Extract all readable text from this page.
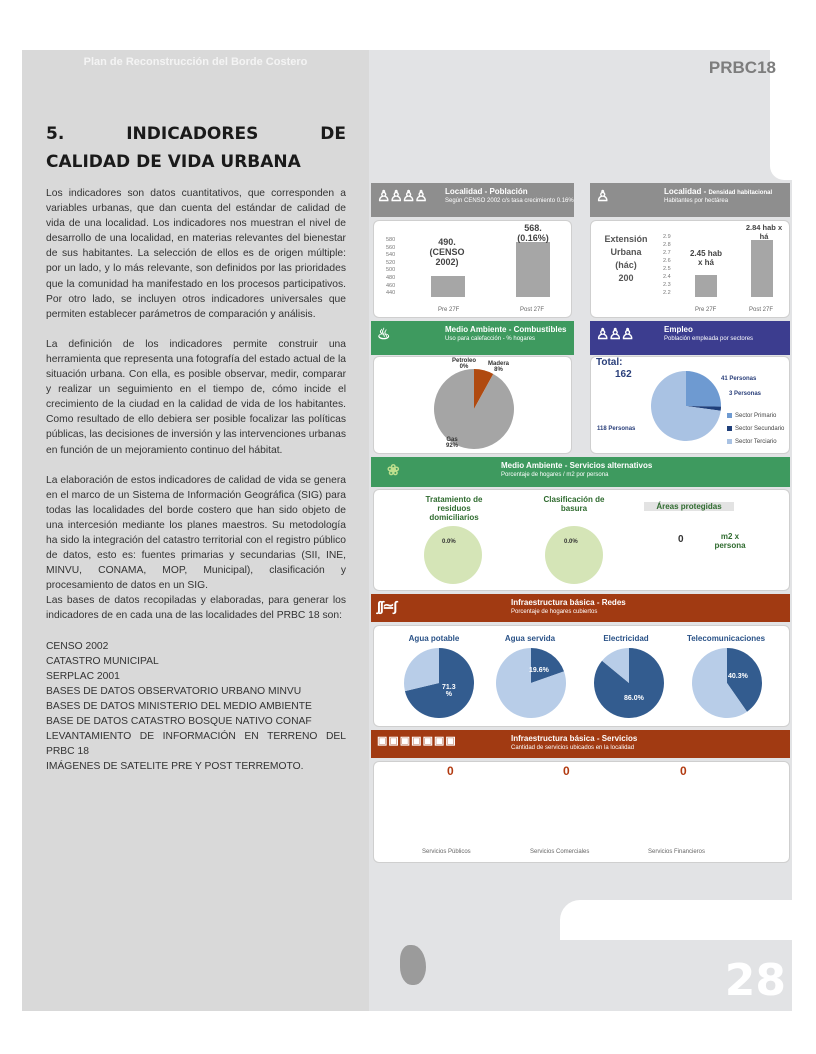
Plan de Reconstrucción del Borde Costero	PRBC18
28
5.	INDICADORES	DE
CALIDAD DE VIDA URBANA

Los indicadores son datos cuantitativos, que corresponden a variables urbanas, que dan cuenta del estándar de calidad de vida de una localidad. Los indicadores nos muestran el nivel de desarrollo de una localidad, en materias relevantes del bienestar de sus habitantes. La selección de ellos es de origen múltiple: por un lado, y lo más relevante, son definidos por las prioridades que la comunidad ha manifestado en los procesos participativos. Por otro lado, se incluyen otros indicadores universales que permiten establecer parámetros de comparación y análisis.

La definición de los indicadores permite construir una herramienta que representa una fotografía del estado actual de la situación urbana. Con ella, es posible observar, medir, comparar y realizar un seguimiento en el tiempo de, cómo incide el crecimiento de la ciudad en la calidad de vida de los habitantes. Como resultado de ello debiera ser posible focalizar las políticas públicas, las decisiones de inversión y las intervenciones urbanas en función de un mejoramiento continuo del hábitat.

La elaboración de estos indicadores de calidad de vida se genera en el marco de un Sistema de Información Geográfica (SIG) para todas las localidades del borde costero que han sido objeto de una intercesión mediante los planes maestros. Su metodología ha sido la integración del catastro territorial con el registro público de datos, esto es: fuentes primarias y secundarias (SII, INE, MINVU, CONAMA, MOP, Municipal), clasificación y procesamiento de datos en un SIG.

Las bases de datos recopiladas y elaboradas, para generar los indicadores de en cada una de las localidades del PRBC 18 son:

CENSO 2002
CATASTRO MUNICIPAL
SERPLAC 2001
BASES DE DATOS OBSERVATORIO URBANO MINVU
BASES DE DATOS MINISTERIO DEL MEDIO AMBIENTE
BASE DE DATOS CATASTRO BOSQUE NATIVO CONAF
LEVANTAMIENTO DE INFORMACIÓN EN TERRENO DEL PRBC 18
IMÁGENES DE SATELITE PRE Y POST TERREMOTO.
♙♙♙♙ Localidad - Población
Según CENSO 2002 c/s tasa crecimiento 0.16%
580
560
540
520
500
480
460
440
490.
(CENSO
2002)
568.
(0.16%)
Pre 27F	Post 27F
♙	Localidad - Densidad habitacional
Habitantes por hectárea
Extensión
Urbana
(hác)
200
2.9
2.8
2.7
2.6
2.5
2.4
2.3
2.2
2.45 hab
x há
2.84 hab x
há
Pre 27F	Post 27F
♨	Medio Ambiente - Combustibles
Uso para calefacción - % hogares
Petroleo
0%	Madera
8%
Gas
92%
♙♙♙	Empleo
Población empleada por sectores
Total:
162	41 Personas
3 Personas
118 Personas
Sector Primario
Sector Secundario
Sector Terciario
❀	Medio Ambiente - Servicios alternativos
Porcentaje de hogares / m2 por persona
Tratamiento de
residuos
domiciliarios
0.0%
Clasificación de
basura
0.0%
Áreas protegidas
0	m2 x
persona
∫∫≃∫	Infraestructura básica - Redes
Porcentaje de hogares cubiertos
Agua potable
71.3
%
Agua servida
19.6%
Electricidad
86.0%
Telecomunicaciones
40.3%
▣▣▣▣▣▣▣	Infraestructura básica - Servicios
Cantidad de servicios ubicados en la localidad
0	0	0
Servicios Públicos	Servicios Comerciales	Servicios Financieros
